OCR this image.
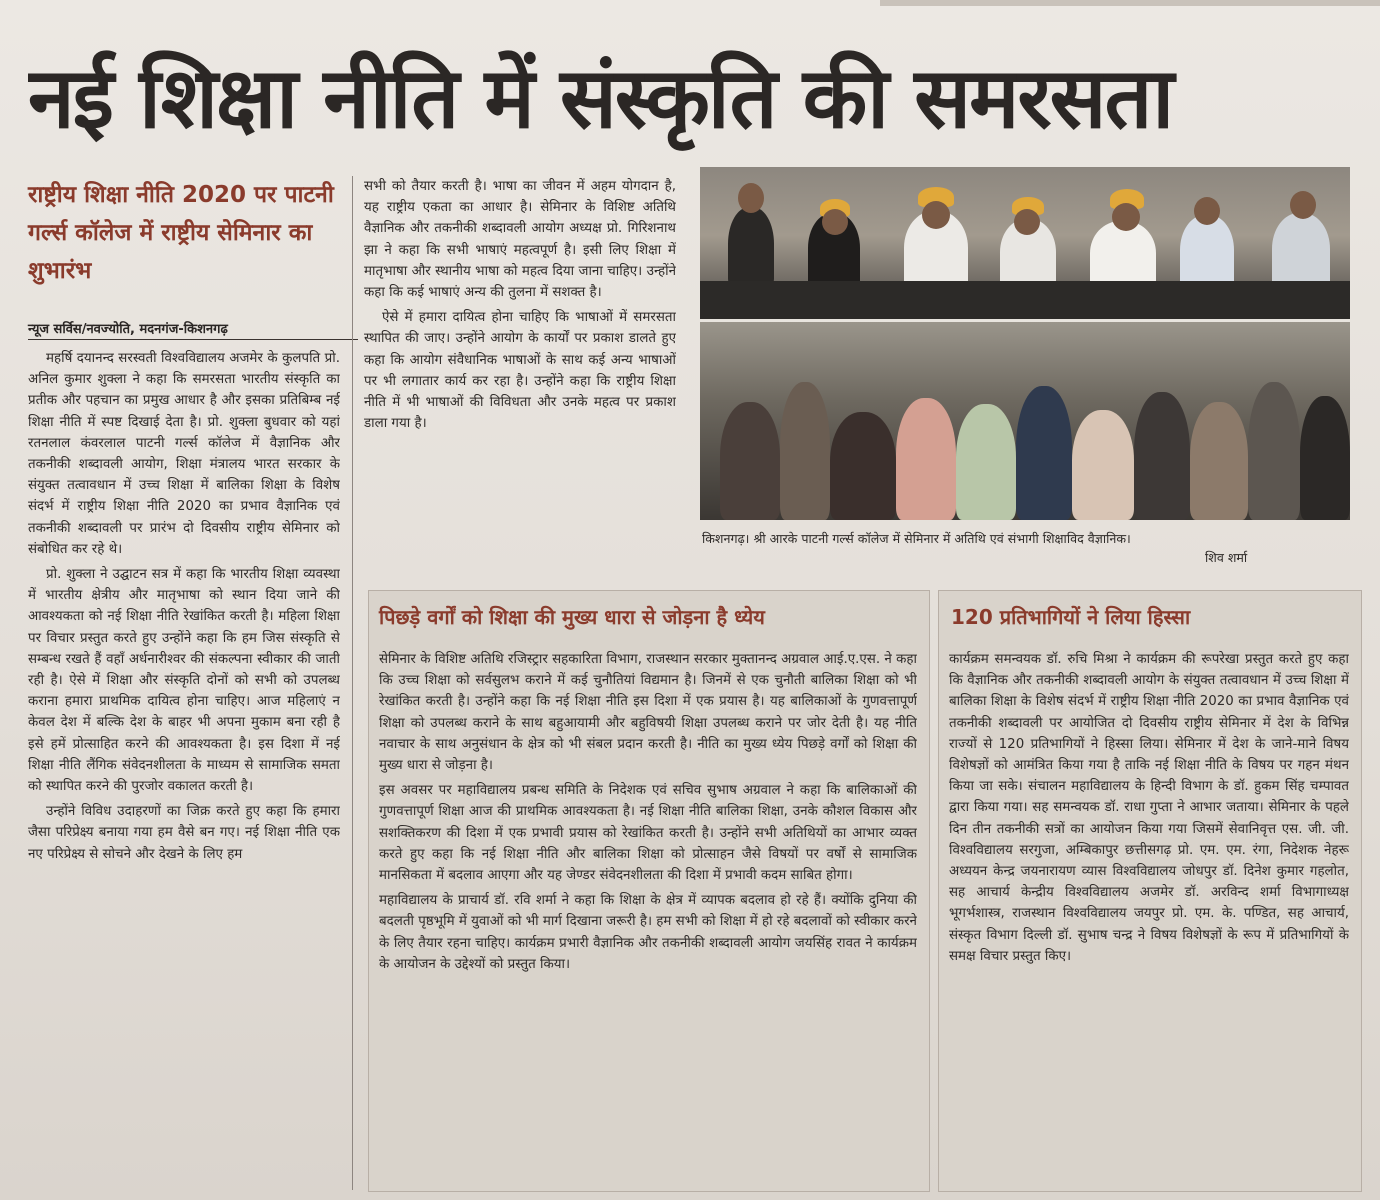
नई शिक्षा नीति में संस्कृति की समरसता
राष्ट्रीय शिक्षा नीति 2020 पर पाटनी गर्ल्स कॉलेज में राष्ट्रीय सेमिनार का शुभारंभ
न्यूज सर्विस/नवज्योति, मदनगंज-किशनगढ़

महर्षि दयानन्द सरस्वती विश्वविद्यालय अजमेर के कुलपति प्रो. अनिल कुमार शुक्ला ने कहा कि समरसता भारतीय संस्कृति का प्रतीक और पहचान का प्रमुख आधार है और इसका प्रतिबिम्ब नई शिक्षा नीति में स्पष्ट दिखाई देता है। प्रो. शुक्ला बुधवार को यहां रतनलाल कंवरलाल पाटनी गर्ल्स कॉलेज में वैज्ञानिक और तकनीकी शब्दावली आयोग, शिक्षा मंत्रालय भारत सरकार के संयुक्त तत्वावधान में उच्च शिक्षा में बालिका शिक्षा के विशेष संदर्भ में राष्ट्रीय शिक्षा नीति 2020 का प्रभाव वैज्ञानिक एवं तकनीकी शब्दावली पर प्रारंभ दो दिवसीय राष्ट्रीय सेमिनार को संबोधित कर रहे थे।

प्रो. शुक्ला ने उद्घाटन सत्र में कहा कि भारतीय शिक्षा व्यवस्था में भारतीय क्षेत्रीय और मातृभाषा को स्थान दिया जाने की आवश्यकता को नई शिक्षा नीति रेखांकित करती है। महिला शिक्षा पर विचार प्रस्तुत करते हुए उन्होंने कहा कि हम जिस संस्कृति से सम्बन्ध रखते हैं वहाँ अर्धनारीश्वर की संकल्पना स्वीकार की जाती रही है। ऐसे में शिक्षा और संस्कृति दोनों को सभी को उपलब्ध कराना हमारा प्राथमिक दायित्व होना चाहिए। आज महिलाएं न केवल देश में बल्कि देश के बाहर भी अपना मुकाम बना रही है इसे हमें प्रोत्साहित करने की आवश्यकता है। इस दिशा में नई शिक्षा नीति लैंगिक संवेदनशीलता के माध्यम से सामाजिक समता को स्थापित करने की पुरजोर वकालत करती है।

उन्होंने विविध उदाहरणों का जिक्र करते हुए कहा कि हमारा जैसा परिप्रेक्ष्य बनाया गया हम वैसे बन गए। नई शिक्षा नीति एक नए परिप्रेक्ष्य से सोचने और देखने के लिए हम

सभी को तैयार करती है। भाषा का जीवन में अहम योगदान है, यह राष्ट्रीय एकता का आधार है। सेमिनार के विशिष्ट अतिथि वैज्ञानिक और तकनीकी शब्दावली आयोग अध्यक्ष प्रो. गिरिशनाथ झा ने कहा कि सभी भाषाएं महत्वपूर्ण है। इसी लिए शिक्षा में मातृभाषा और स्थानीय भाषा को महत्व दिया जाना चाहिए। उन्होंने कहा कि कई भाषाएं अन्य की तुलना में सशक्त है।

ऐसे में हमारा दायित्व होना चाहिए कि भाषाओं में समरसता स्थापित की जाए। उन्होंने आयोग के कार्यों पर प्रकाश डालते हुए कहा कि आयोग संवैधानिक भाषाओं के साथ कई अन्य भाषाओं पर भी लगातार कार्य कर रहा है। उन्होंने कहा कि राष्ट्रीय शिक्षा नीति में भी भाषाओं की विविधता और उनके महत्व पर प्रकाश डाला गया है।

किशनगढ़। श्री आरके पाटनी गर्ल्स कॉलेज में सेमिनार में अतिथि एवं संभागी शिक्षाविद वैज्ञानिक।
शिव शर्मा
पिछड़े वर्गों को शिक्षा की मुख्य धारा से जोड़ना है ध्येय

सेमिनार के विशिष्ट अतिथि रजिस्ट्रार सहकारिता विभाग, राजस्थान सरकार मुक्तानन्द अग्रवाल आई.ए.एस. ने कहा कि उच्च शिक्षा को सर्वसुलभ कराने में कई चुनौतियां विद्यमान है। जिनमें से एक चुनौती बालिका शिक्षा को भी रेखांकित करती है। उन्होंने कहा कि नई शिक्षा नीति इस दिशा में एक प्रयास है। यह बालिकाओं के गुणवत्तापूर्ण शिक्षा को उपलब्ध कराने के साथ बहुआयामी और बहुविषयी शिक्षा उपलब्ध कराने पर जोर देती है। यह नीति नवाचार के साथ अनुसंधान के क्षेत्र को भी संबल प्रदान करती है। नीति का मुख्य ध्येय पिछड़े वर्गों को शिक्षा की मुख्य धारा से जोड़ना है।

इस अवसर पर महाविद्यालय प्रबन्ध समिति के निदेशक एवं सचिव सुभाष अग्रवाल ने कहा कि बालिकाओं की गुणवत्तापूर्ण शिक्षा आज की प्राथमिक आवश्यकता है। नई शिक्षा नीति बालिका शिक्षा, उनके कौशल विकास और सशक्तिकरण की दिशा में एक प्रभावी प्रयास को रेखांकित करती है। उन्होंने सभी अतिथियों का आभार व्यक्त करते हुए कहा कि नई शिक्षा नीति और बालिका शिक्षा को प्रोत्साहन जैसे विषयों पर वर्षों से सामाजिक मानसिकता में बदलाव आएगा और यह जेण्डर संवेदनशीलता की दिशा में प्रभावी कदम साबित होगा।

महाविद्यालय के प्राचार्य डॉ. रवि शर्मा ने कहा कि शिक्षा के क्षेत्र में व्यापक बदलाव हो रहे हैं। क्योंकि दुनिया की बदलती पृष्ठभूमि में युवाओं को भी मार्ग दिखाना जरूरी है। हम सभी को शिक्षा में हो रहे बदलावों को स्वीकार करने के लिए तैयार रहना चाहिए। कार्यक्रम प्रभारी वैज्ञानिक और तकनीकी शब्दावली आयोग जयसिंह रावत ने कार्यक्रम के आयोजन के उद्देश्यों को प्रस्तुत किया।

120 प्रतिभागियों ने लिया हिस्सा

कार्यक्रम समन्वयक डॉ. रुचि मिश्रा ने कार्यक्रम की रूपरेखा प्रस्तुत करते हुए कहा कि वैज्ञानिक और तकनीकी शब्दावली आयोग के संयुक्त तत्वावधान में उच्च शिक्षा में बालिका शिक्षा के विशेष संदर्भ में राष्ट्रीय शिक्षा नीति 2020 का प्रभाव वैज्ञानिक एवं तकनीकी शब्दावली पर आयोजित दो दिवसीय राष्ट्रीय सेमिनार में देश के विभिन्न राज्यों से 120 प्रतिभागियों ने हिस्सा लिया। सेमिनार में देश के जाने-माने विषय विशेषज्ञों को आमंत्रित किया गया है ताकि नई शिक्षा नीति के विषय पर गहन मंथन किया जा सके। संचालन महाविद्यालय के हिन्दी विभाग के डॉ. हुकम सिंह चम्पावत द्वारा किया गया। सह समन्वयक डॉ. राधा गुप्ता ने आभार जताया। सेमिनार के पहले दिन तीन तकनीकी सत्रों का आयोजन किया गया जिसमें सेवानिवृत्त एस. जी. जी. विश्वविद्यालय सरगुजा, अम्बिकापुर छत्तीसगढ़ प्रो. एम. एम. रंगा, निदेशक नेहरू अध्ययन केन्द्र जयनारायण व्यास विश्वविद्यालय जोधपुर डॉ. दिनेश कुमार गहलोत, सह आचार्य केन्द्रीय विश्वविद्यालय अजमेर डॉ. अरविन्द शर्मा विभागाध्यक्ष भूगर्भशास्त्र, राजस्थान विश्वविद्यालय जयपुर प्रो. एम. के. पण्डित, सह आचार्य, संस्कृत विभाग दिल्ली डॉ. सुभाष चन्द्र ने विषय विशेषज्ञों के रूप में प्रतिभागियों के समक्ष विचार प्रस्तुत किए।
